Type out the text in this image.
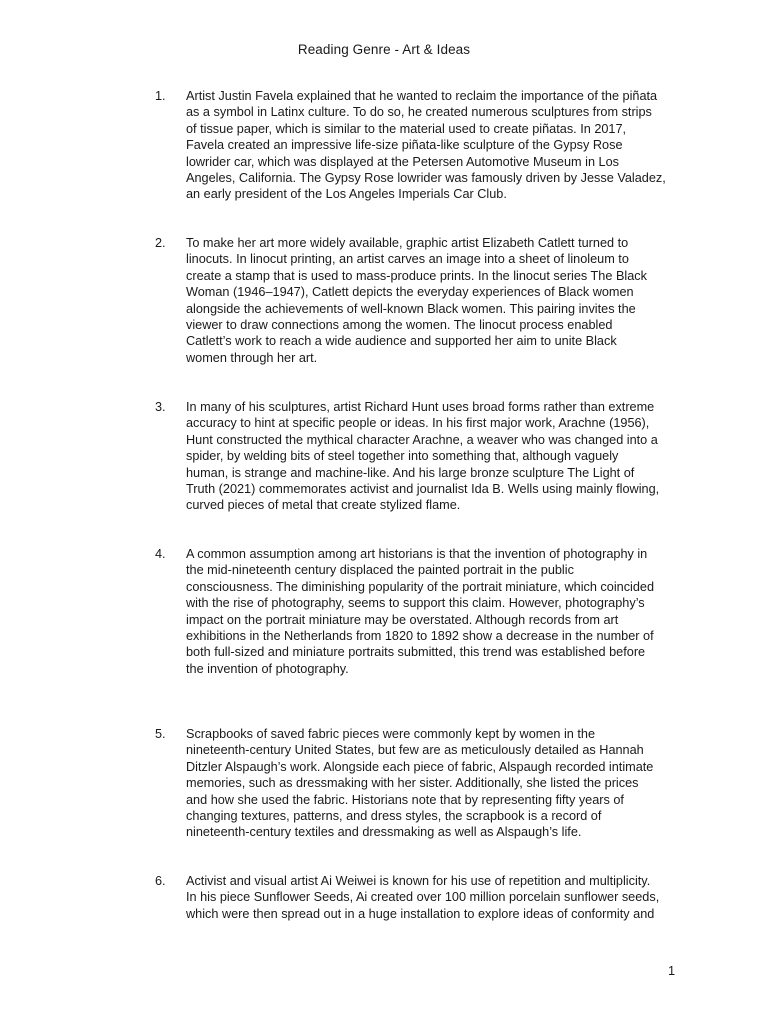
Reading Genre - Art & Ideas
1.	Artist Justin Favela explained that he wanted to reclaim the importance of the piñata
as a symbol in Latinx culture. To do so, he created numerous sculptures from strips
of tissue paper, which is similar to the material used to create piñatas. In 2017,
Favela created an impressive life-size piñata-like sculpture of the Gypsy Rose
lowrider car, which was displayed at the Petersen Automotive Museum in Los
Angeles, California. The Gypsy Rose lowrider was famously driven by Jesse Valadez,
an early president of the Los Angeles Imperials Car Club.
2.	To make her art more widely available, graphic artist Elizabeth Catlett turned to
linocuts. In linocut printing, an artist carves an image into a sheet of linoleum to
create a stamp that is used to mass-produce prints. In the linocut series The Black
Woman (1946–1947), Catlett depicts the everyday experiences of Black women
alongside the achievements of well-known Black women. This pairing invites the
viewer to draw connections among the women. The linocut process enabled
Catlett’s work to reach a wide audience and supported her aim to unite Black
women through her art.
3.	In many of his sculptures, artist Richard Hunt uses broad forms rather than extreme
accuracy to hint at specific people or ideas. In his first major work, Arachne (1956),
Hunt constructed the mythical character Arachne, a weaver who was changed into a
spider, by welding bits of steel together into something that, although vaguely
human, is strange and machine-like. And his large bronze sculpture The Light of
Truth (2021) commemorates activist and journalist Ida B. Wells using mainly flowing,
curved pieces of metal that create stylized flame.
4.	A common assumption among art historians is that the invention of photography in
the mid-nineteenth century displaced the painted portrait in the public
consciousness. The diminishing popularity of the portrait miniature, which coincided
with the rise of photography, seems to support this claim. However, photography’s
impact on the portrait miniature may be overstated. Although records from art
exhibitions in the Netherlands from 1820 to 1892 show a decrease in the number of
both full-sized and miniature portraits submitted, this trend was established before
the invention of photography.
5.	Scrapbooks of saved fabric pieces were commonly kept by women in the
nineteenth-century United States, but few are as meticulously detailed as Hannah
Ditzler Alspaugh’s work. Alongside each piece of fabric, Alspaugh recorded intimate
memories, such as dressmaking with her sister. Additionally, she listed the prices
and how she used the fabric. Historians note that by representing fifty years of
changing textures, patterns, and dress styles, the scrapbook is a record of
nineteenth-century textiles and dressmaking as well as Alspaugh’s life.
6.	Activist and visual artist Ai Weiwei is known for his use of repetition and multiplicity.
In his piece Sunflower Seeds, Ai created over 100 million porcelain sunflower seeds,
which were then spread out in a huge installation to explore ideas of conformity and
1
